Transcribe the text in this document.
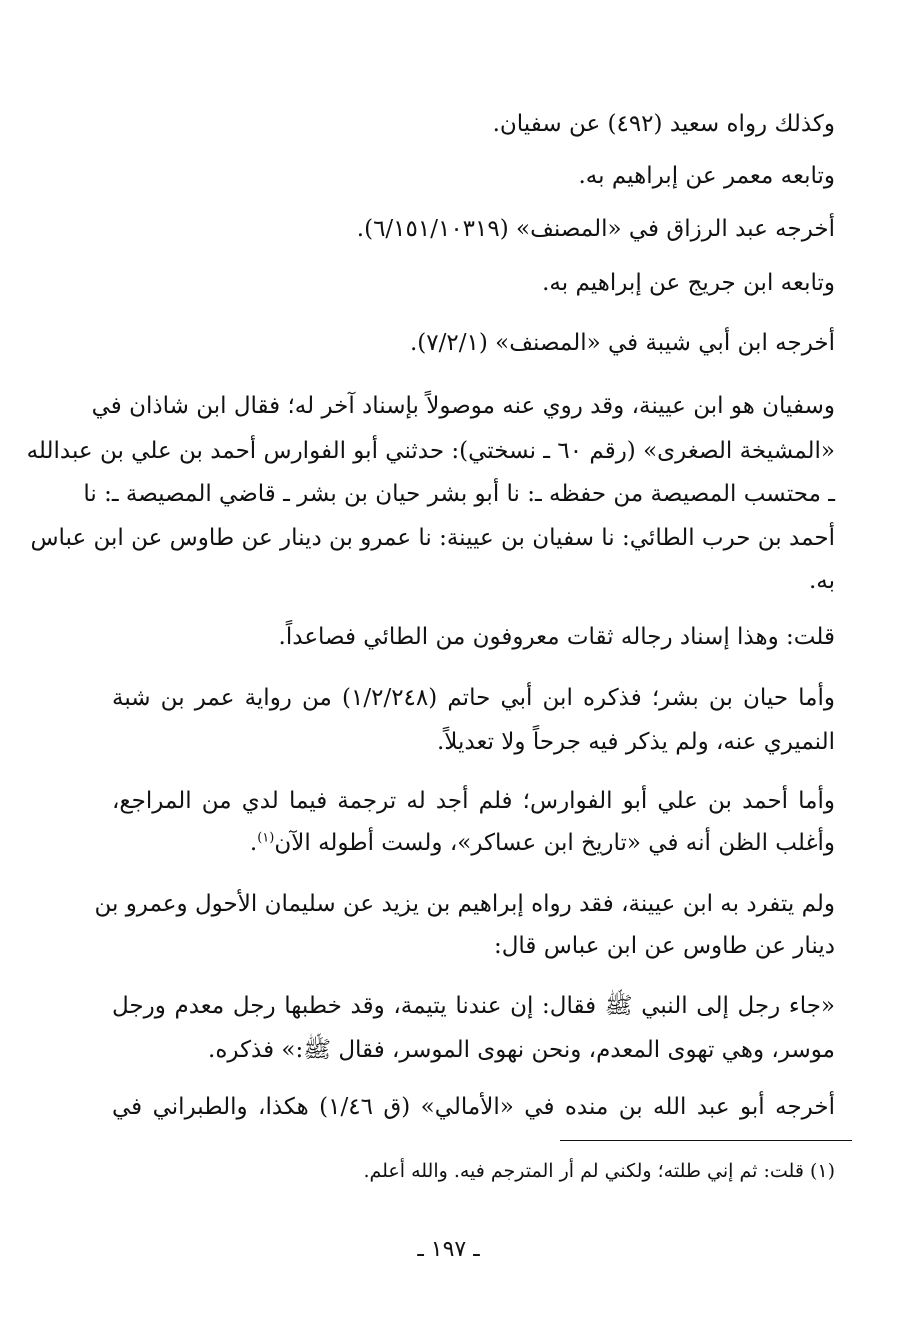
وكذلك رواه سعيد (٤٩٢) عن سفيان.
وتابعه معمر عن إبراهيم به.
أخرجه عبد الرزاق في «المصنف» (٦/١٥١/١٠٣١٩).
وتابعه ابن جريج عن إبراهيم به.
أخرجه ابن أبي شيبة في «المصنف» (٧/٢/١).
وسفيان هو ابن عيينة، وقد روي عنه موصولاً بإسناد آخر له؛ فقال ابن شاذان في
«المشيخة الصغرى» (رقم ٦٠ ـ نسختي): حدثني أبو الفوارس أحمد بن علي بن عبدالله
ـ محتسب المصيصة من حفظه ـ: نا أبو بشر حيان بن بشر ـ قاضي المصيصة ـ: نا
أحمد بن حرب الطائي: نا سفيان بن عيينة: نا عمرو بن دينار عن طاوس عن ابن عباس
به.
قلت: وهذا إسناد رجاله ثقات معروفون من الطائي فصاعداً.
وأما حيان بن بشر؛ فذكره ابن أبي حاتم (١/٢/٢٤٨) من رواية عمر بن شبة
النميري عنه، ولم يذكر فيه جرحاً ولا تعديلاً.
وأما أحمد بن علي أبو الفوارس؛ فلم أجد له ترجمة فيما لدي من المراجع،
وأغلب الظن أنه في «تاريخ ابن عساكر»، ولست أطوله الآن$^{(١)}$.
ولم يتفرد به ابن عيينة، فقد رواه إبراهيم بن يزيد عن سليمان الأحول وعمرو بن
دينار عن طاوس عن ابن عباس قال:
«جاء رجل إلى النبي ﷺ فقال: إن عندنا يتيمة، وقد خطبها رجل معدم ورجل
موسر، وهي تهوى المعدم، ونحن نهوى الموسر، فقال ﷺ:» فذكره.
أخرجه أبو عبد الله بن منده في «الأمالي» (ق ١/٤٦) هكذا، والطبراني في
(١) قلت: ثم إني طلته؛ ولكني لم أر المترجم فيه. والله أعلم.
ـ ١٩٧ ـ
